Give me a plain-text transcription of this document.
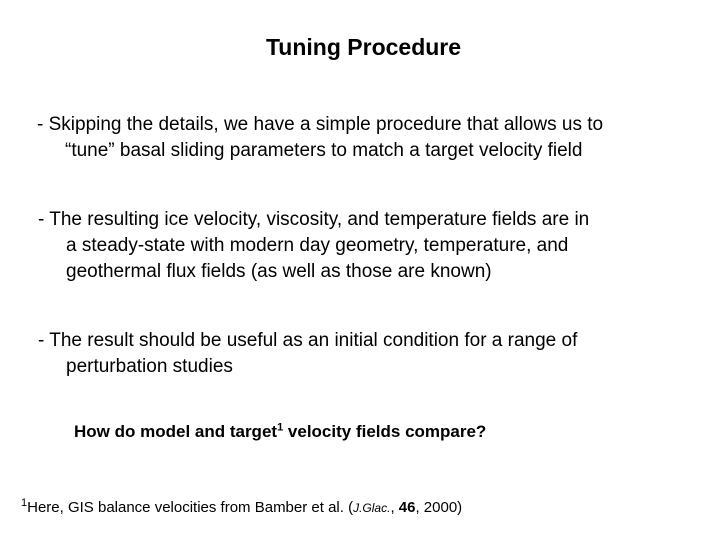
Tuning Procedure
- Skipping the details, we have a simple procedure that allows us to
“tune” basal sliding parameters to match a target velocity field
- The resulting ice velocity, viscosity, and temperature fields are in
a steady-state with modern day geometry, temperature, and
geothermal flux fields (as well as those are known)
- The result should be useful as an initial condition for a range of
perturbation studies
How do model and target$^1$ velocity fields compare?
$^1$Here, GIS balance velocities from Bamber et al. (J.Glac., 46, 2000)
